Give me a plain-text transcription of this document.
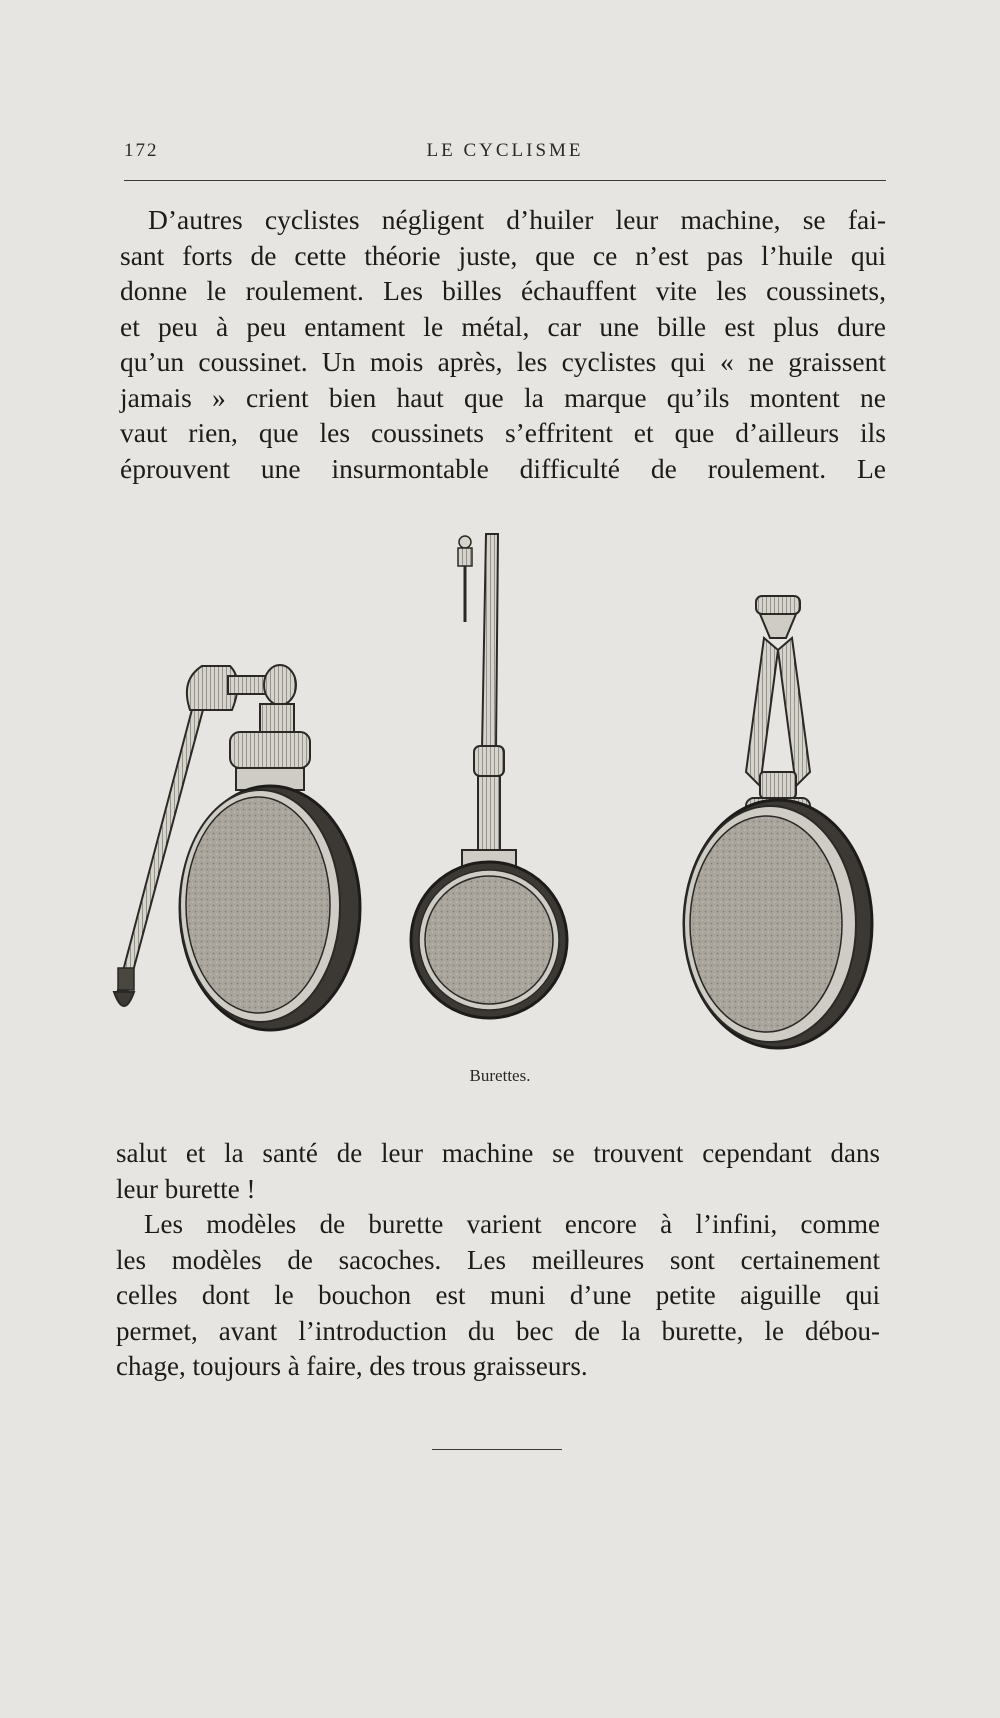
172	LE CYCLISME
D’autres cyclistes négligent d’huiler leur machine, se fai-
sant forts de cette théorie juste, que ce n’est pas l’huile qui
donne le roulement. Les billes échauffent vite les coussinets,
et peu à peu entament le métal, car une bille est plus dure
qu’un coussinet. Un mois après, les cyclistes qui « ne graissent
jamais » crient bien haut que la marque qu’ils montent ne
vaut rien, que les coussinets s’effritent et que d’ailleurs ils
éprouvent une insurmontable difficulté de roulement. Le
Burettes.
salut et la santé de leur machine se trouvent cependant dans
leur burette !
Les modèles de burette varient encore à l’infini, comme
les modèles de sacoches. Les meilleures sont certainement
celles dont le bouchon est muni d’une petite aiguille qui
permet, avant l’introduction du bec de la burette, le débou-
chage, toujours à faire, des trous graisseurs.
